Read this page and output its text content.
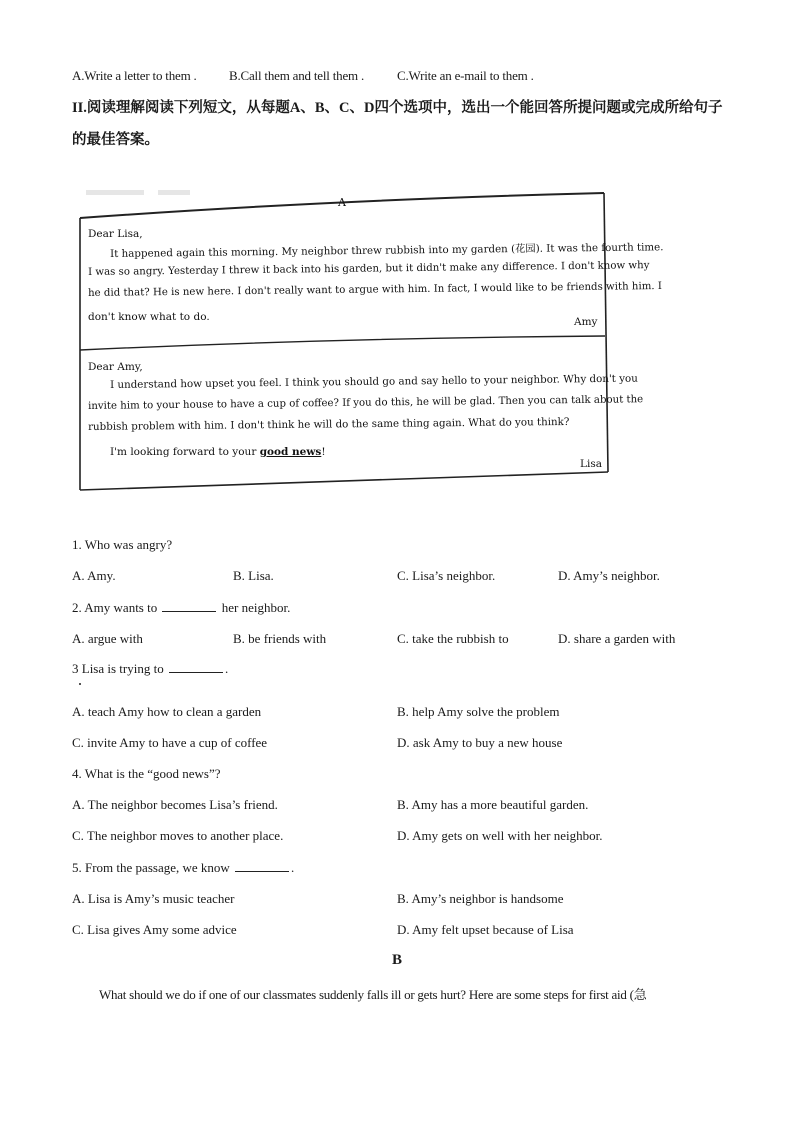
A.Write a letter to them . B.Call them and tell them .	C.Write an e-mail to them .
II.阅读理解阅读下列短文，从每题A、B、C、D四个选项中，选出一个能回答所提问题或完成所给句子的最佳答案。
A
Dear Lisa,
It happened again this morning. My neighbor threw rubbish into my garden (花园). It was the fourth time.
I was so angry. Yesterday I threw it back into his garden, but it didn't make any difference. I don't know why
he did that? He is new here. I don't really want to argue with him. In fact, I would like to be friends with him. I
don't know what to do.	Amy
Dear Amy,
I understand how upset you feel. I think you should go and say hello to your neighbor. Why don't you
invite him to your house to have a cup of coffee? If you do this, he will be glad. Then you can talk about the
rubbish problem with him. I don't think he will do the same thing again. What do you think?
I'm looking forward to your good news!
Lisa
1. Who was angry?
A. Amy.	B. Lisa.	C. Lisa’s neighbor.	D. Amy’s neighbor.
2. Amy wants to	her neighbor.
A. argue with	B. be friends with	C. take the rubbish to	D. share a garden with
3 Lisa is trying to	.
A. teach Amy how to clean a garden	B. help Amy solve the problem
C. invite Amy to have a cup of coffee	D. ask Amy to buy a new house
4. What is the “good news”?
A. The neighbor becomes Lisa’s friend.	B. Amy has a more beautiful garden.
C. The neighbor moves to another place.	D. Amy gets on well with her neighbor.
5. From the passage, we know	.
A. Lisa is Amy’s music teacher	B. Amy’s neighbor is handsome
C. Lisa gives Amy some advice	D. Amy felt upset because of Lisa
B
What should we do if one of our classmates suddenly falls ill or gets hurt? Here are some steps for first aid (急
